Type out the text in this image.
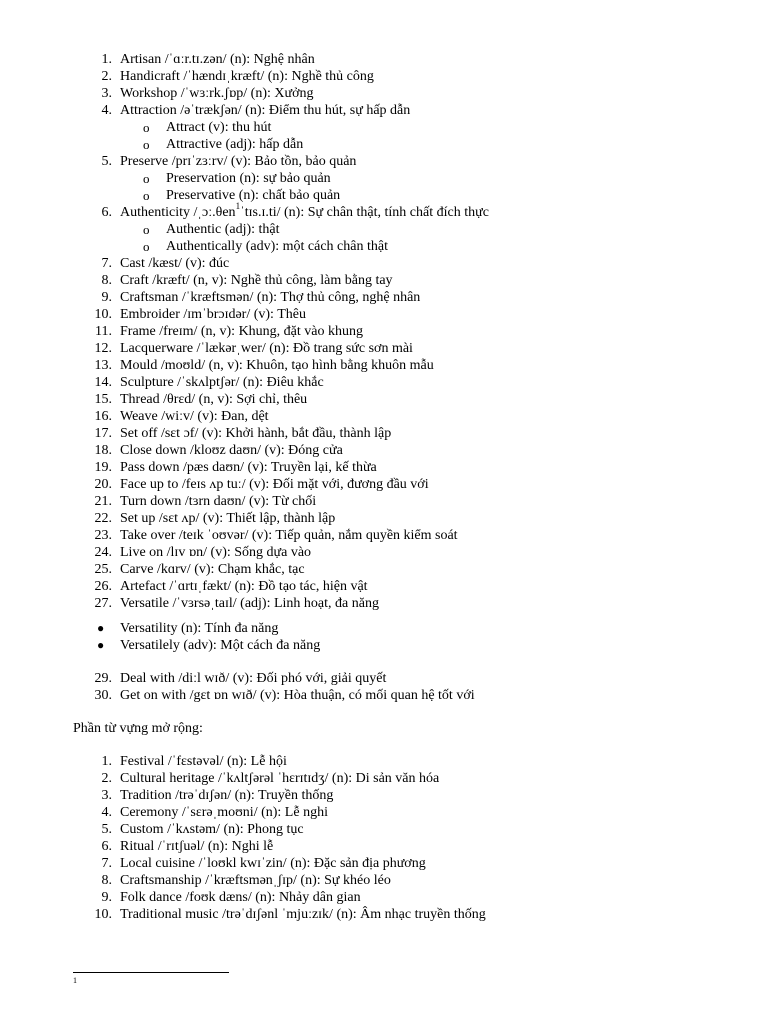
1. Artisan /ˈɑːr.tɪ.zən/ (n): Nghệ nhân
2. Handicraft /ˈhændɪˌkræft/ (n): Nghề thủ công
3. Workshop /ˈwɜːrk.ʃɒp/ (n): Xưởng
4. Attraction /əˈtrækʃən/ (n): Điểm thu hút, sự hấp dẫn
o Attract (v): thu hút
o Attractive (adj): hấp dẫn
5. Preserve /prɪˈzɜːrv/ (v): Bảo tồn, bảo quản
o Preservation (n): sự bảo quản
o Preservative (n): chất bảo quản
6. Authenticity /ˌɔː.θen$^1$ˈtɪs.ɪ.ti/ (n): Sự chân thật, tính chất đích thực
o Authentic (adj): thật
o Authentically (adv): một cách chân thật
7. Cast /kæst/ (v): đúc
8. Craft /kræft/ (n, v): Nghề thủ công, làm bằng tay
9. Craftsman /ˈkræftsmən/ (n): Thợ thủ công, nghệ nhân
10. Embroider /ɪmˈbrɔɪdər/ (v): Thêu
11. Frame /freɪm/ (n, v): Khung, đặt vào khung
12. Lacquerware /ˈlækərˌwer/ (n): Đồ trang sức sơn mài
13. Mould /moʊld/ (n, v): Khuôn, tạo hình bằng khuôn mẫu
14. Sculpture /ˈskʌlptʃər/ (n): Điêu khắc
15. Thread /θrɛd/ (n, v): Sợi chỉ, thêu
16. Weave /wiːv/ (v): Đan, dệt
17. Set off /sɛt ɔf/ (v): Khởi hành, bắt đầu, thành lập
18. Close down /kloʊz daʊn/ (v): Đóng cửa
19. Pass down /pæs daʊn/ (v): Truyền lại, kế thừa
20. Face up to /feɪs ʌp tuː/ (v): Đối mặt với, đương đầu với
21. Turn down /tɜrn daʊn/ (v): Từ chối
22. Set up /sɛt ʌp/ (v): Thiết lập, thành lập
23. Take over /teɪk ˈoʊvər/ (v): Tiếp quản, nắm quyền kiểm soát
24. Live on /lɪv ɒn/ (v): Sống dựa vào
25. Carve /kɑrv/ (v): Chạm khắc, tạc
26. Artefact /ˈɑrtɪˌfækt/ (n): Đồ tạo tác, hiện vật
27. Versatile /ˈvɜrsəˌtaɪl/ (adj): Linh hoạt, đa năng
● Versatility (n): Tính đa năng
● Versatilely (adv): Một cách đa năng
29. Deal with /diːl wɪð/ (v): Đối phó với, giải quyết
30. Get on with /gɛt ɒn wɪð/ (v): Hòa thuận, có mối quan hệ tốt với
Phần từ vựng mở rộng:
1. Festival /ˈfɛstəvəl/ (n): Lễ hội
2. Cultural heritage /ˈkʌltʃərəl ˈhɛrɪtɪdʒ/ (n): Di sản văn hóa
3. Tradition /trəˈdɪʃən/ (n): Truyền thống
4. Ceremony /ˈsɛrəˌmoʊni/ (n): Lễ nghi
5. Custom /ˈkʌstəm/ (n): Phong tục
6. Ritual /ˈrɪtʃuəl/ (n): Nghi lễ
7. Local cuisine /ˈloʊkl kwɪˈzin/ (n): Đặc sản địa phương
8. Craftsmanship /ˈkræftsmənˌʃɪp/ (n): Sự khéo léo
9. Folk dance /foʊk dæns/ (n): Nhảy dân gian
10. Traditional music /trəˈdɪʃənl ˈmjuːzɪk/ (n): Âm nhạc truyền thống
1
